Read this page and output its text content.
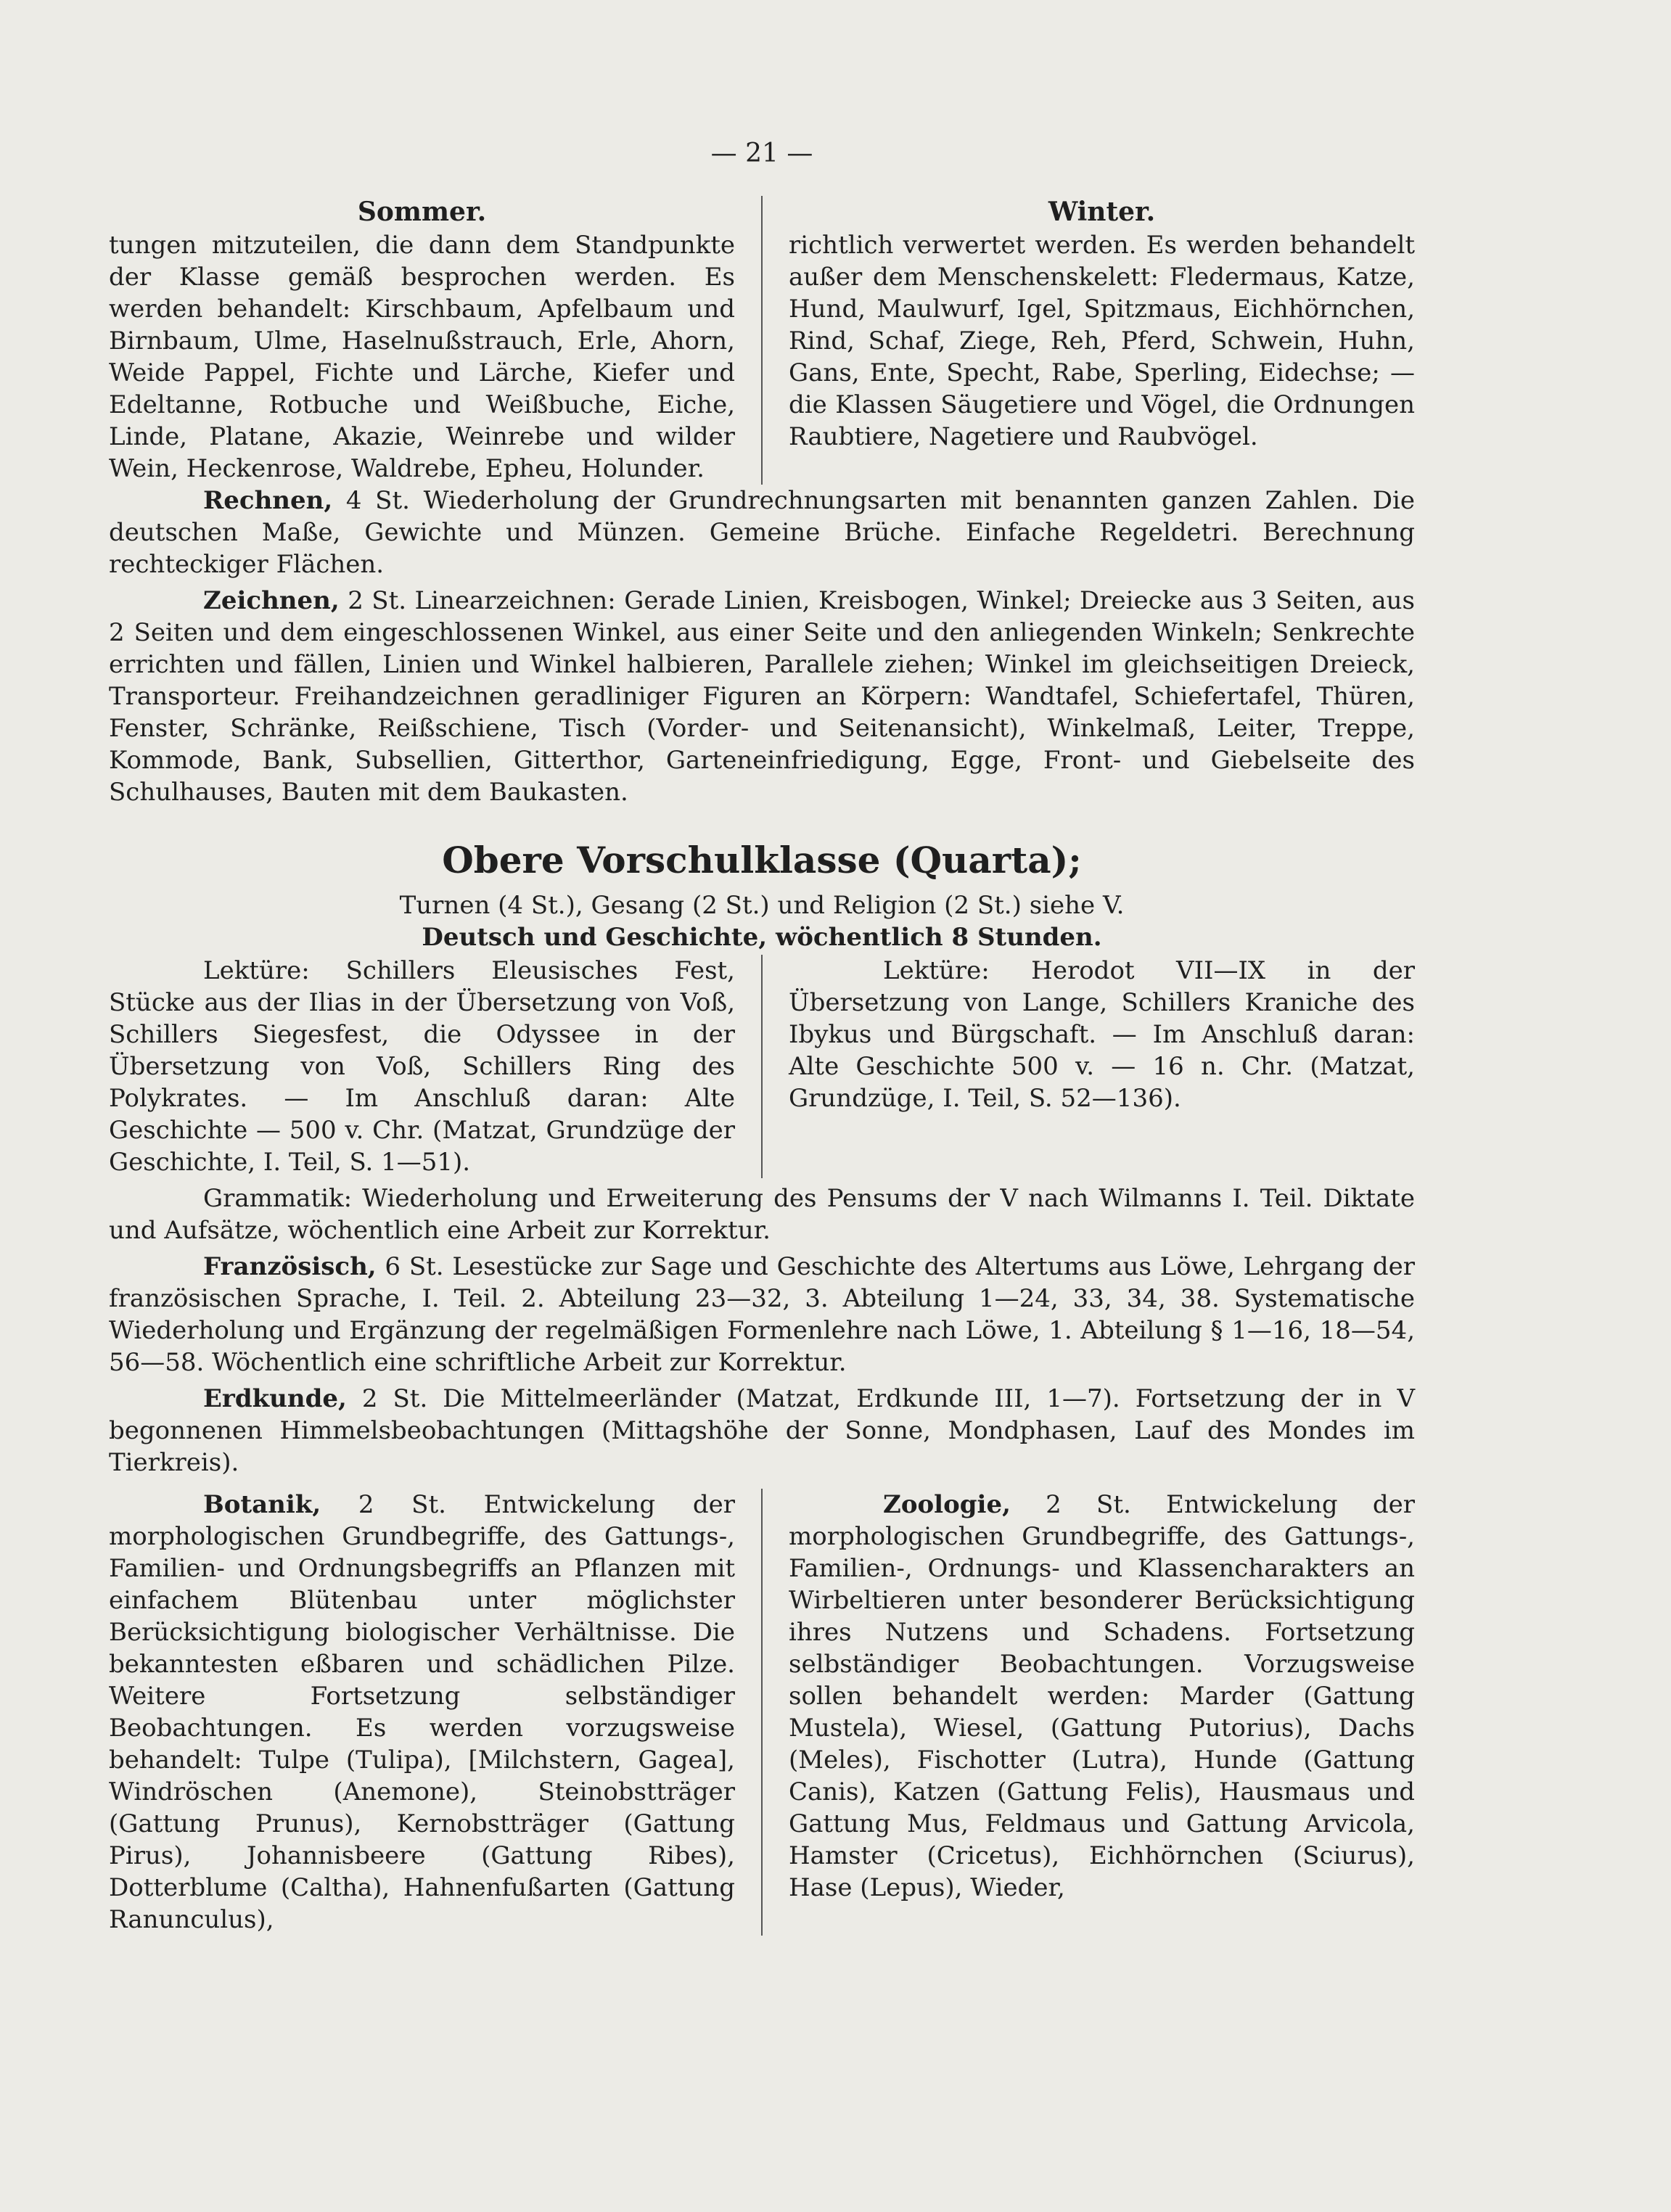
— 21 —
Sommer.

tungen mitzuteilen, die dann dem Standpunkte der Klasse gemäß besprochen werden. Es werden behandelt: Kirschbaum, Apfelbaum und Birnbaum, Ulme, Haselnußstrauch, Erle, Ahorn, Weide Pappel, Fichte und Lärche, Kiefer und Edeltanne, Rotbuche und Weißbuche, Eiche, Linde, Platane, Akazie, Weinrebe und wilder Wein, Heckenrose, Waldrebe, Epheu, Holunder.

Winter.

richtlich verwertet werden. Es werden behandelt außer dem Menschenskelett: Fledermaus, Katze, Hund, Maulwurf, Igel, Spitzmaus, Eichhörnchen, Rind, Schaf, Ziege, Reh, Pferd, Schwein, Huhn, Gans, Ente, Specht, Rabe, Sperling, Eidechse; — die Klassen Säugetiere und Vögel, die Ordnungen Raubtiere, Nagetiere und Raubvögel.

Rechnen, 4 St. Wiederholung der Grundrechnungsarten mit benannten ganzen Zahlen. Die deutschen Maße, Gewichte und Münzen. Gemeine Brüche. Einfache Regeldetri. Berechnung rechteckiger Flächen.

Zeichnen, 2 St. Linearzeichnen: Gerade Linien, Kreisbogen, Winkel; Dreiecke aus 3 Seiten, aus 2 Seiten und dem eingeschlossenen Winkel, aus einer Seite und den anliegenden Winkeln; Senkrechte errichten und fällen, Linien und Winkel halbieren, Parallele ziehen; Winkel im gleichseitigen Dreieck, Transporteur. Freihandzeichnen geradliniger Figuren an Körpern: Wandtafel, Schiefertafel, Thüren, Fenster, Schränke, Reißschiene, Tisch (Vorder- und Seitenansicht), Winkelmaß, Leiter, Treppe, Kommode, Bank, Subsellien, Gitterthor, Garteneinfriedigung, Egge, Front- und Giebelseite des Schulhauses, Bauten mit dem Baukasten.

Obere Vorschulklasse (Quarta);
Turnen (4 St.), Gesang (2 St.) und Religion (2 St.) siehe V.
Deutsch und Geschichte, wöchentlich 8 Stunden.

Lektüre: Schillers Eleusisches Fest, Stücke aus der Ilias in der Übersetzung von Voß, Schillers Siegesfest, die Odyssee in der Übersetzung von Voß, Schillers Ring des Polykrates. — Im Anschluß daran: Alte Geschichte — 500 v. Chr. (Matzat, Grundzüge der Geschichte, I. Teil, S. 1—51).

Lektüre: Herodot VII—IX in der Übersetzung von Lange, Schillers Kraniche des Ibykus und Bürgschaft. — Im Anschluß daran: Alte Geschichte 500 v. — 16 n. Chr. (Matzat, Grundzüge, I. Teil, S. 52—136).

Grammatik: Wiederholung und Erweiterung des Pensums der V nach Wilmanns I. Teil. Diktate und Aufsätze, wöchentlich eine Arbeit zur Korrektur.

Französisch, 6 St. Lesestücke zur Sage und Geschichte des Altertums aus Löwe, Lehrgang der französischen Sprache, I. Teil. 2. Abteilung 23—32, 3. Abteilung 1—24, 33, 34, 38. Systematische Wiederholung und Ergänzung der regelmäßigen Formenlehre nach Löwe, 1. Abteilung § 1—16, 18—54, 56—58. Wöchentlich eine schriftliche Arbeit zur Korrektur.

Erdkunde, 2 St. Die Mittelmeerländer (Matzat, Erdkunde III, 1—7). Fortsetzung der in V begonnenen Himmelsbeobachtungen (Mittagshöhe der Sonne, Mondphasen, Lauf des Mondes im Tierkreis).

Botanik, 2 St. Entwickelung der morphologischen Grundbegriffe, des Gattungs-, Familien- und Ordnungsbegriffs an Pflanzen mit einfachem Blütenbau unter möglichster Berücksichtigung biologischer Verhältnisse. Die bekanntesten eßbaren und schädlichen Pilze. Weitere Fortsetzung selbständiger Beobachtungen. Es werden vorzugsweise behandelt: Tulpe (Tulipa), [Milchstern, Gagea], Windröschen (Anemone), Steinobstträger (Gattung Prunus), Kernobstträger (Gattung Pirus), Johannisbeere (Gattung Ribes), Dotterblume (Caltha), Hahnenfußarten (Gattung Ranunculus),

Zoologie, 2 St. Entwickelung der morphologischen Grundbegriffe, des Gattungs-, Familien-, Ordnungs- und Klassencharakters an Wirbeltieren unter besonderer Berücksichtigung ihres Nutzens und Schadens. Fortsetzung selbständiger Beobachtungen. Vorzugsweise sollen behandelt werden: Marder (Gattung Mustela), Wiesel, (Gattung Putorius), Dachs (Meles), Fischotter (Lutra), Hunde (Gattung Canis), Katzen (Gattung Felis), Hausmaus und Gattung Mus, Feldmaus und Gattung Arvicola, Hamster (Cricetus), Eichhörnchen (Sciurus), Hase (Lepus), Wieder,
